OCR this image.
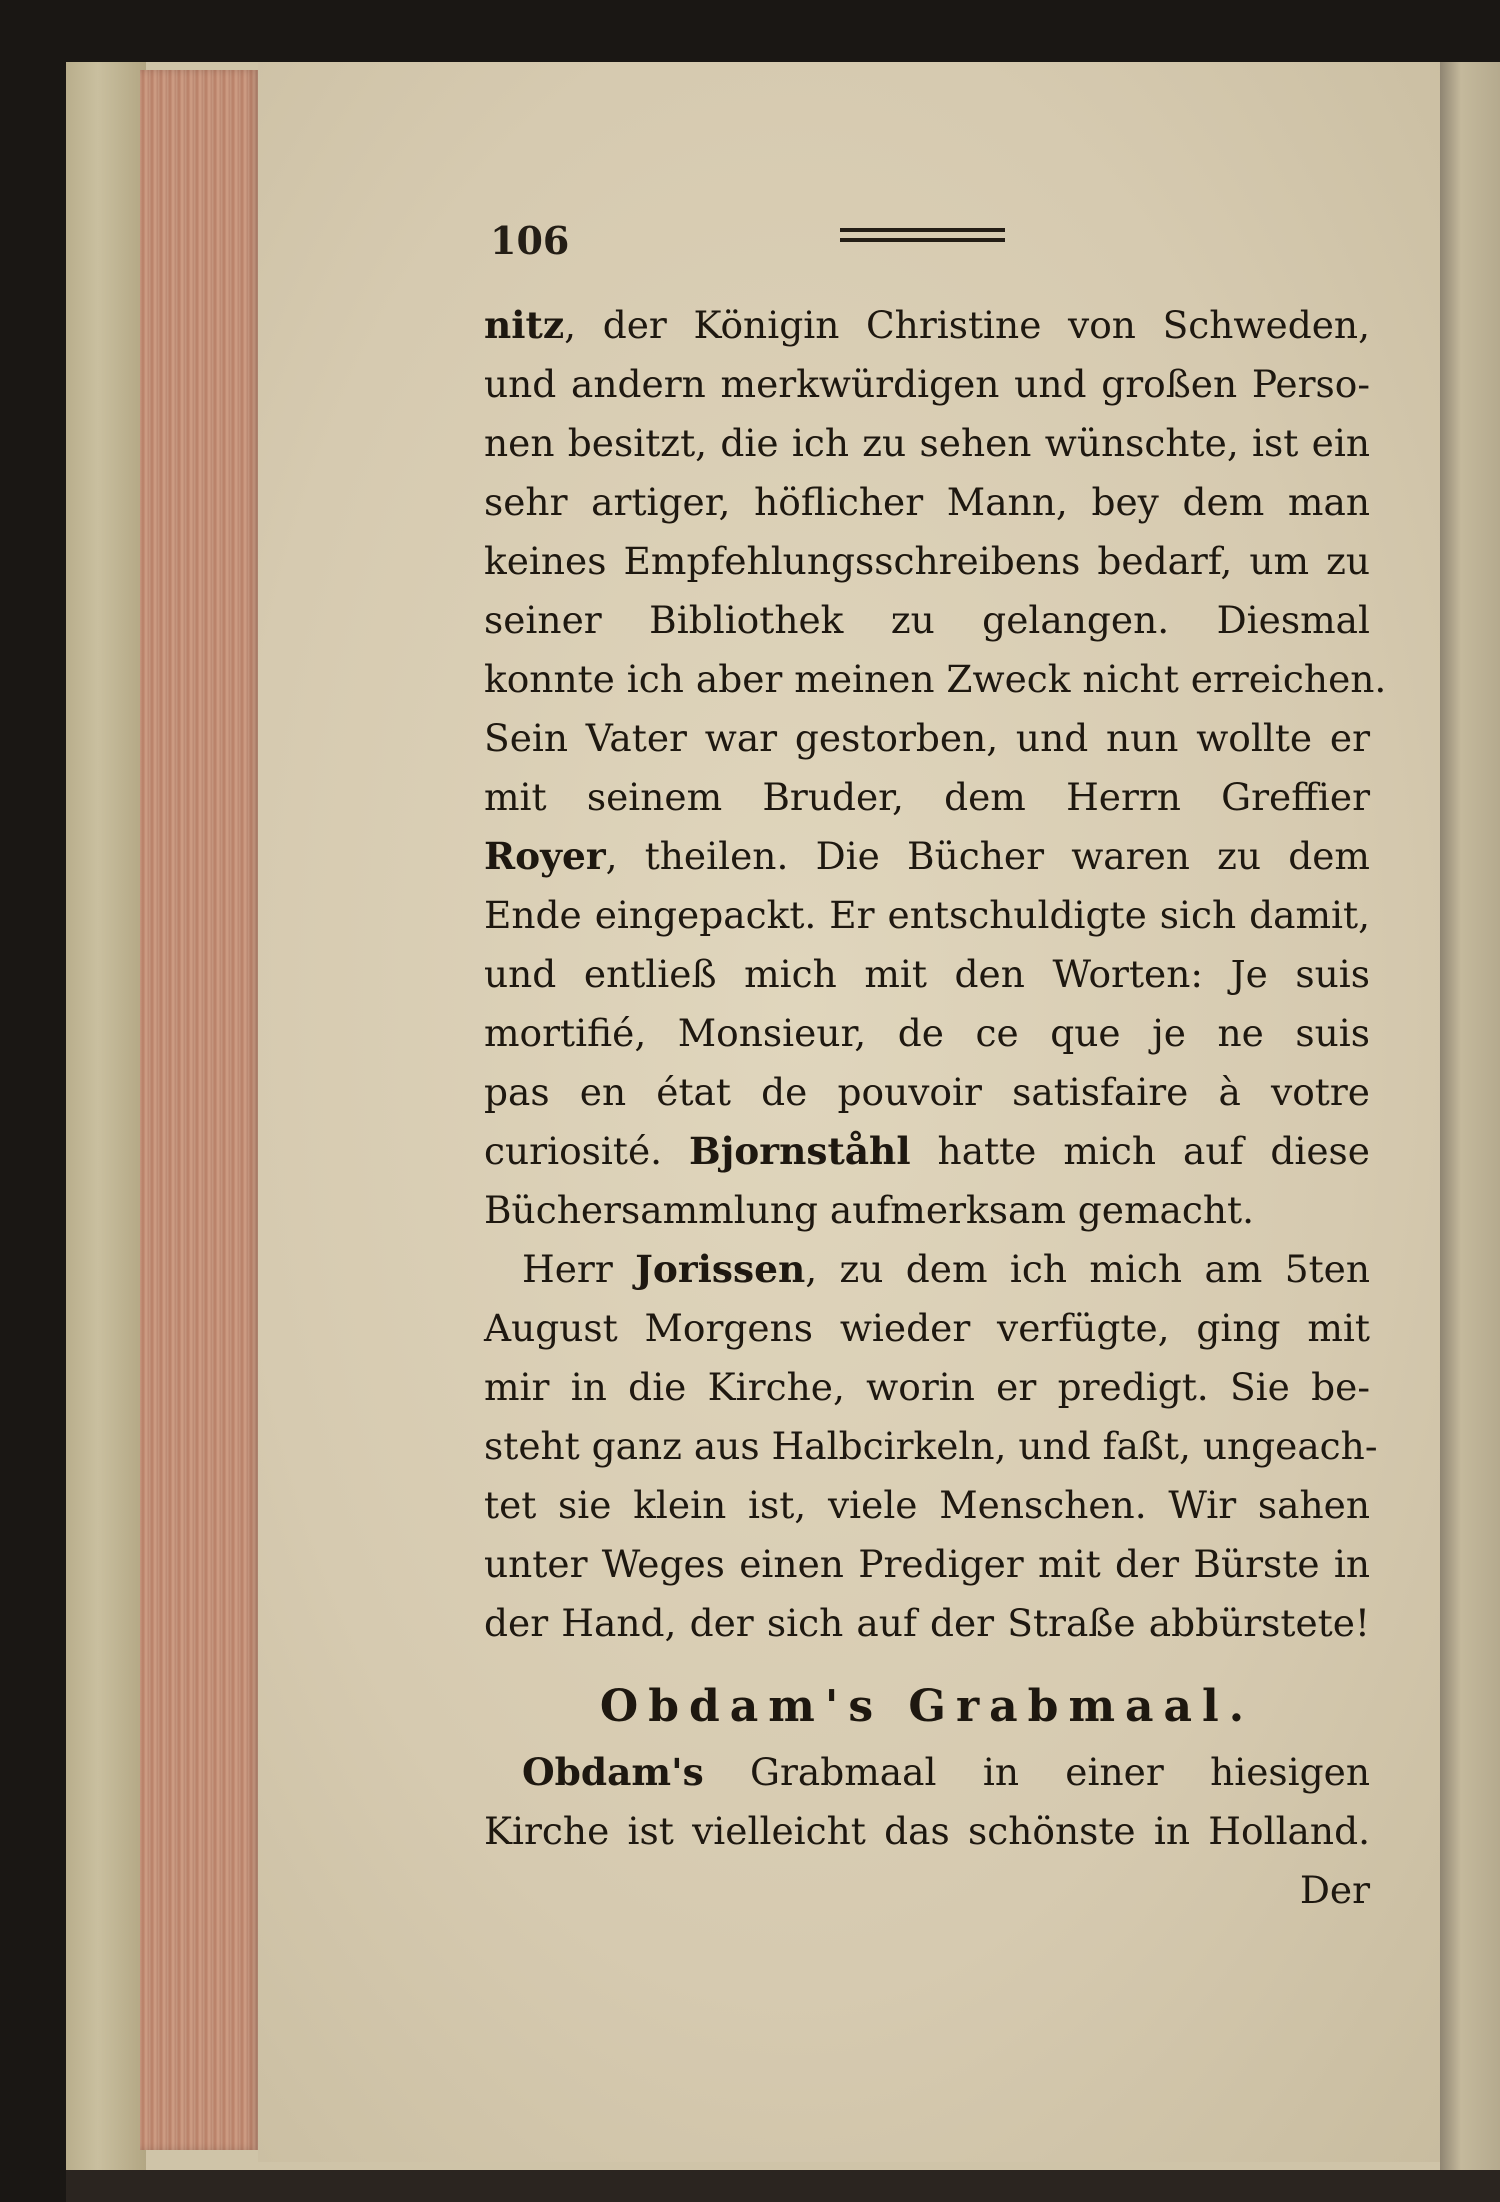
106
nitz, der Königin Christine von Schweden,
und andern merkwürdigen und großen Perso-
nen besitzt, die ich zu sehen wünschte, ist ein
sehr artiger, höflicher Mann, bey dem man
keines Empfehlungsschreibens bedarf, um zu
seiner Bibliothek zu gelangen. Diesmal
konnte ich aber meinen Zweck nicht erreichen.
Sein Vater war gestorben, und nun wollte er
mit seinem Bruder, dem Herrn Greffier
Royer, theilen. Die Bücher waren zu dem
Ende eingepackt. Er entschuldigte sich damit,
und entließ mich mit den Worten: Je suis
mortifié, Monsieur, de ce que je ne suis
pas en état de pouvoir satisfaire à votre
curiosité. Bjornståhl hatte mich auf diese
Büchersammlung aufmerksam gemacht.
Herr Jorissen, zu dem ich mich am 5ten
August Morgens wieder verfügte, ging mit
mir in die Kirche, worin er predigt. Sie be-
steht ganz aus Halbcirkeln, und faßt, ungeach-
tet sie klein ist, viele Menschen. Wir sahen
unter Weges einen Prediger mit der Bürste in
der Hand, der sich auf der Straße abbürstete!
Obdam's Grabmaal.
Obdam's Grabmaal in einer hiesigen
Kirche ist vielleicht das schönste in Holland.
Der
